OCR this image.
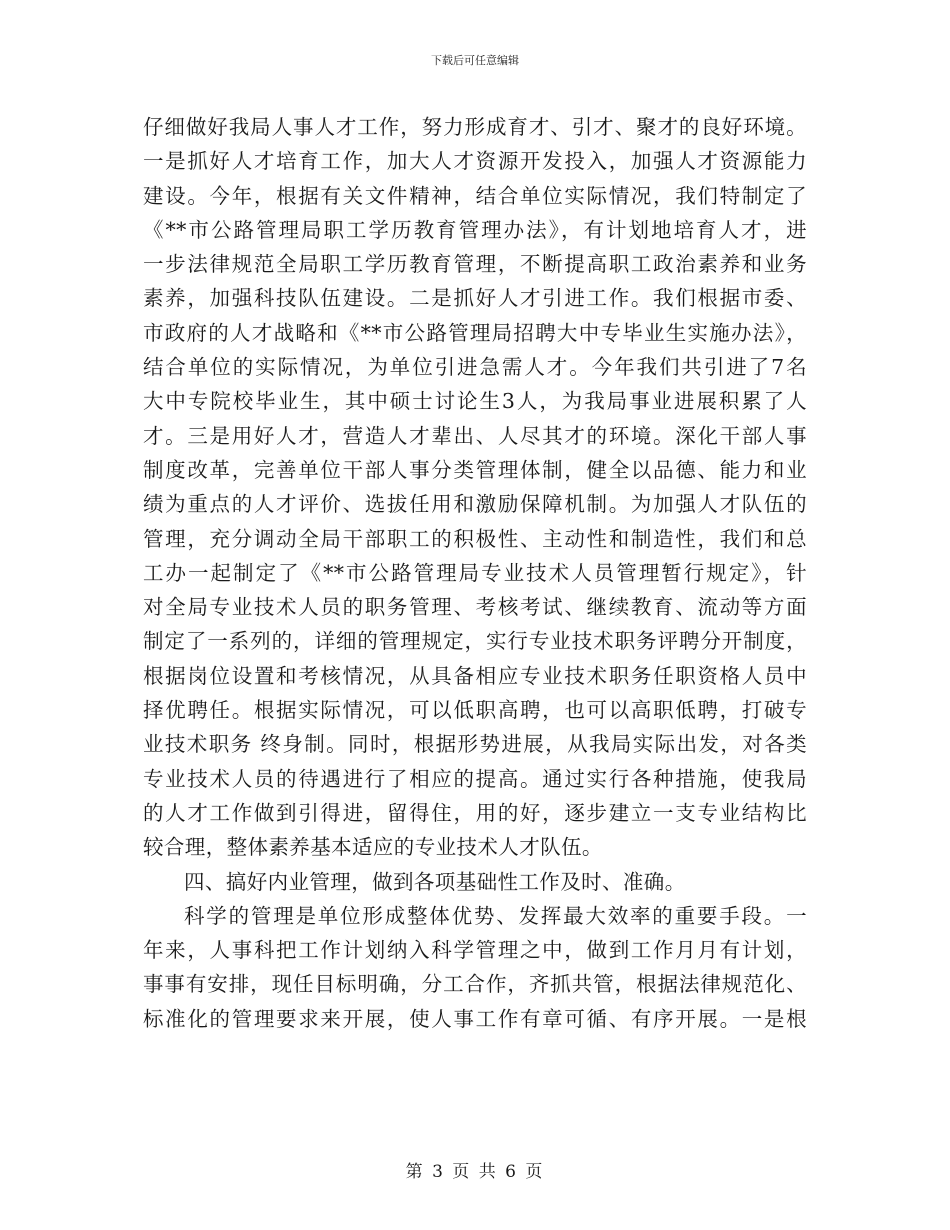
下载后可任意编辑
仔细做好我局人事人才工作，努力形成育才、引才、聚才的良好环境。
一是抓好人才培育工作，加大人才资源开发投入，加强人才资源能力
建设。今年，根据有关文件精神，结合单位实际情况，我们特制定了
《**市公路管理局职工学历教育管理办法》，有计划地培育人才，进
一步法律规范全局职工学历教育管理，不断提高职工政治素养和业务
素养，加强科技队伍建设。二是抓好人才引进工作。我们根据市委、
市政府的人才战略和《**市公路管理局招聘大中专毕业生实施办法》，
结合单位的实际情况，为单位引进急需人才。今年我们共引进了7名
大中专院校毕业生，其中硕士讨论生3人，为我局事业进展积累了人
才。三是用好人才，营造人才辈出、人尽其才的环境。深化干部人事
制度改革，完善单位干部人事分类管理体制，健全以品德、能力和业
绩为重点的人才评价、选拔任用和激励保障机制。为加强人才队伍的
管理，充分调动全局干部职工的积极性、主动性和制造性，我们和总
工办一起制定了《**市公路管理局专业技术人员管理暂行规定》，针
对全局专业技术人员的职务管理、考核考试、继续教育、流动等方面
制定了一系列的，详细的管理规定，实行专业技术职务评聘分开制度，
根据岗位设置和考核情况，从具备相应专业技术职务任职资格人员中
择优聘任。根据实际情况，可以低职高聘，也可以高职低聘，打破专
业技术职务 终身制。同时，根据形势进展，从我局实际出发，对各类
专业技术人员的待遇进行了相应的提高。通过实行各种措施，使我局
的人才工作做到引得进，留得住，用的好，逐步建立一支专业结构比
较合理，整体素养基本适应的专业技术人才队伍。
四、搞好内业管理，做到各项基础性工作及时、准确。
科学的管理是单位形成整体优势、发挥最大效率的重要手段。一
年来，人事科把工作计划纳入科学管理之中，做到工作月月有计划，
事事有安排，现任目标明确，分工合作，齐抓共管，根据法律规范化、
标准化的管理要求来开展，使人事工作有章可循、有序开展。一是根
第 3 页 共 6 页
